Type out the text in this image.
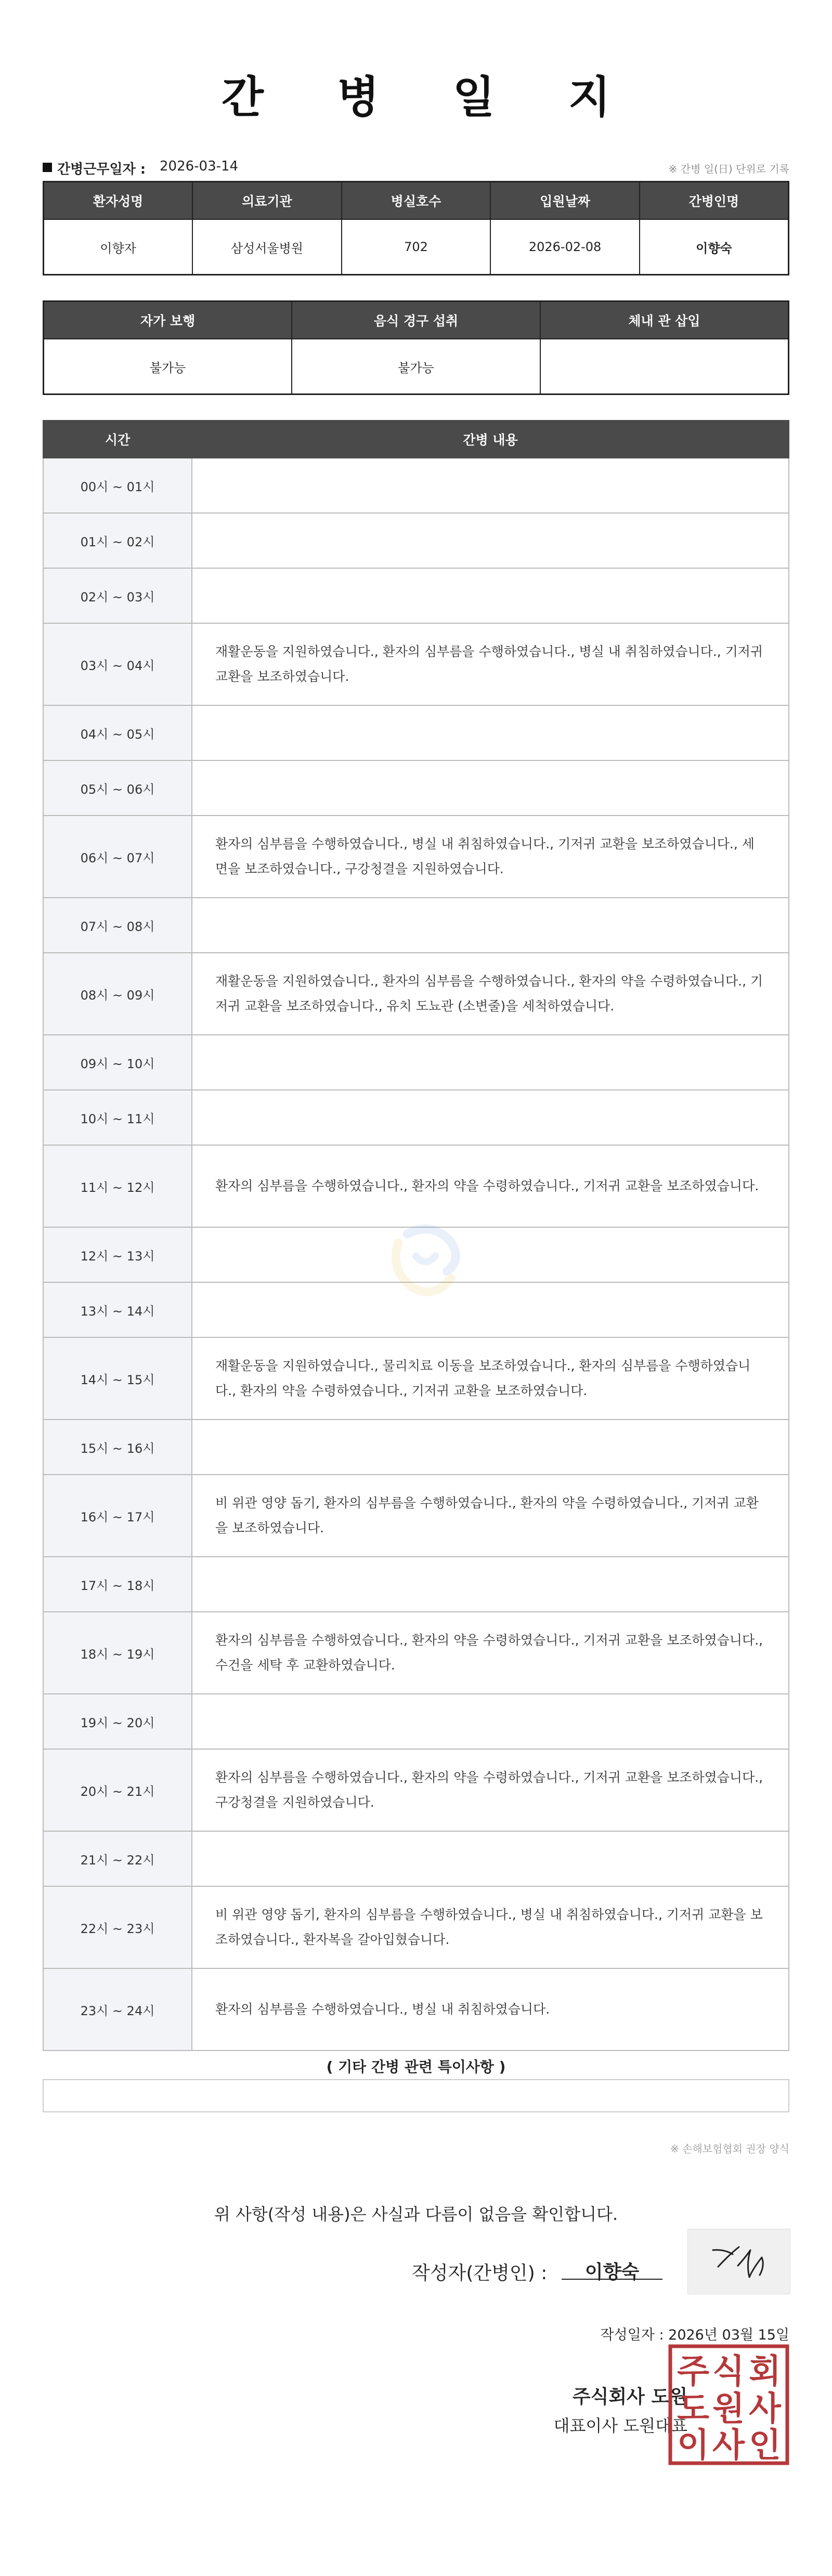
간 병 일 지
간병근무일자 : 2026-03-14	※ 간병 일(日) 단위로 기록
환자성명	의료기관	병실호수	입원날짜	간병인명
이향자	삼성서울병원	702	2026-02-08	이향숙
자가 보행	음식 경구 섭취	체내 관 삽입
불가능	불가능	
시간	간병 내용
00시 ~ 01시	
01시 ~ 02시	
02시 ~ 03시	
03시 ~ 04시	재활운동을 지원하였습니다., 환자의 심부름을 수행하였습니다., 병실 내 취침하였습니다., 기저귀 교환을 보조하였습니다.
04시 ~ 05시	
05시 ~ 06시	
06시 ~ 07시	환자의 심부름을 수행하였습니다., 병실 내 취침하였습니다., 기저귀 교환을 보조하였습니다., 세면을 보조하였습니다., 구강청결을 지원하였습니다.
07시 ~ 08시	
08시 ~ 09시	재활운동을 지원하였습니다., 환자의 심부름을 수행하였습니다., 환자의 약을 수령하였습니다., 기저귀 교환을 보조하였습니다., 유치 도뇨관 (소변줄)을 세척하였습니다.
09시 ~ 10시	
10시 ~ 11시	
11시 ~ 12시	환자의 심부름을 수행하였습니다., 환자의 약을 수령하였습니다., 기저귀 교환을 보조하였습니다.
12시 ~ 13시	
13시 ~ 14시	
14시 ~ 15시	재활운동을 지원하였습니다., 물리치료 이동을 보조하였습니다., 환자의 심부름을 수행하였습니다., 환자의 약을 수령하였습니다., 기저귀 교환을 보조하였습니다.
15시 ~ 16시	
16시 ~ 17시	비 위관 영양 돕기, 환자의 심부름을 수행하였습니다., 환자의 약을 수령하였습니다., 기저귀 교환을 보조하였습니다.
17시 ~ 18시	
18시 ~ 19시	환자의 심부름을 수행하였습니다., 환자의 약을 수령하였습니다., 기저귀 교환을 보조하였습니다., 수건을 세탁 후 교환하였습니다.
19시 ~ 20시	
20시 ~ 21시	환자의 심부름을 수행하였습니다., 환자의 약을 수령하였습니다., 기저귀 교환을 보조하였습니다., 구강청결을 지원하였습니다.
21시 ~ 22시	
22시 ~ 23시	비 위관 영양 돕기, 환자의 심부름을 수행하였습니다., 병실 내 취침하였습니다., 기저귀 교환을 보조하였습니다., 환자복을 갈아입혔습니다.
23시 ~ 24시	환자의 심부름을 수행하였습니다., 병실 내 취침하였습니다.
( 기타 간병 관련 특이사항 )
※ 손해보험협회 권장 양식
위 사항(작성 내용)은 사실과 다름이 없음을 확인합니다.
작성자(간병인) :	이향숙
작성일자 : 2026년 03월 15일
주식회사 도원
대표이사 도원대표
주 식 회
도 원 사
이 사 인
